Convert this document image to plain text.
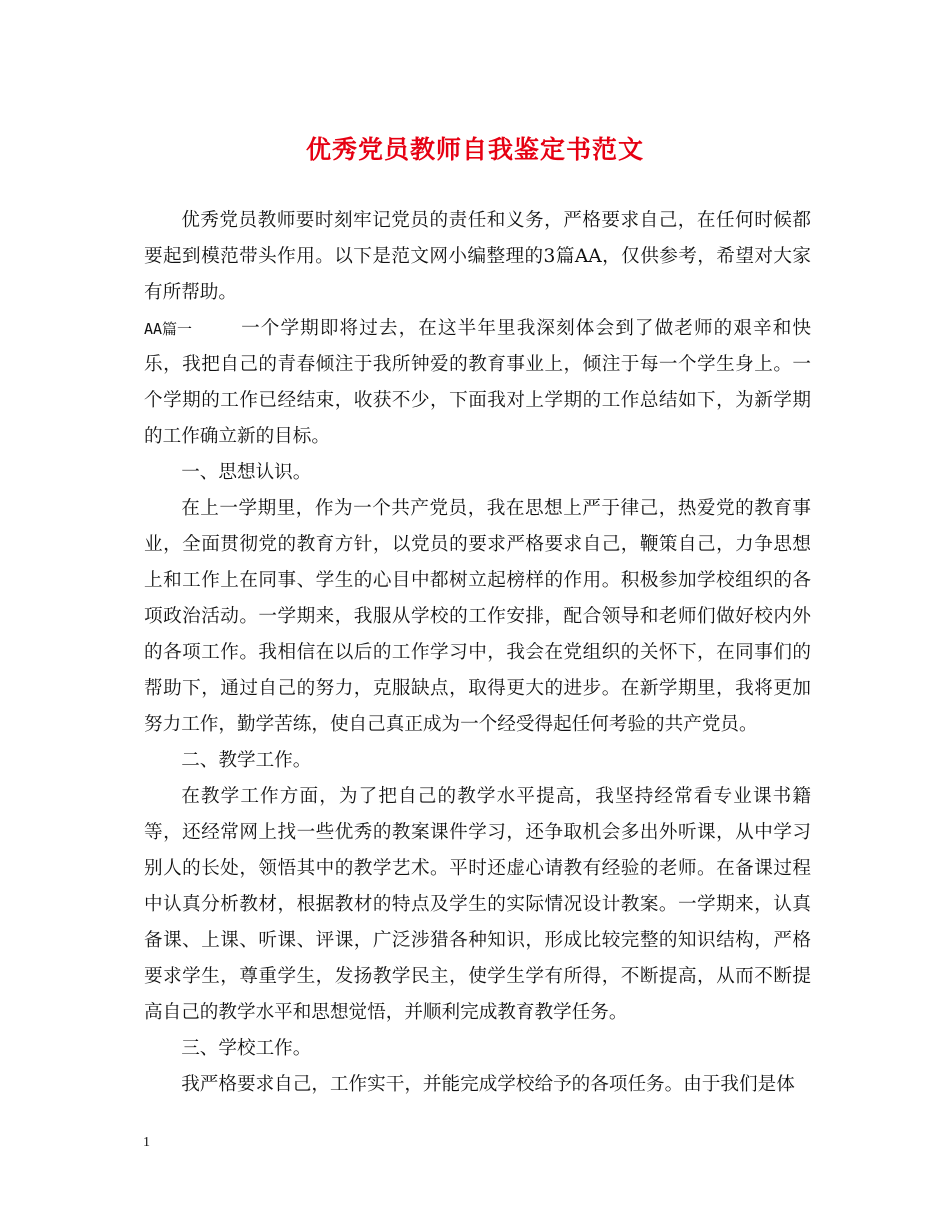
优秀党员教师自我鉴定书范文

优秀党员教师要时刻牢记党员的责任和义务，严格要求自己，在任何时候都要起到模范带头作用。以下是范文网小编整理的3篇AA，仅供参考，希望对大家有所帮助。

AA篇一	一个学期即将过去，在这半年里我深刻体会到了做老师的艰辛和快乐，我把自己的青春倾注于我所钟爱的教育事业上，倾注于每一个学生身上。一个学期的工作已经结束，收获不少，下面我对上学期的工作总结如下，为新学期的工作确立新的目标。

一、思想认识。

在上一学期里，作为一个共产党员，我在思想上严于律己，热爱党的教育事业，全面贯彻党的教育方针，以党员的要求严格要求自己，鞭策自己，力争思想上和工作上在同事、学生的心目中都树立起榜样的作用。积极参加学校组织的各项政治活动。一学期来，我服从学校的工作安排，配合领导和老师们做好校内外的各项工作。我相信在以后的工作学习中，我会在党组织的关怀下，在同事们的帮助下，通过自己的努力，克服缺点，取得更大的进步。在新学期里，我将更加努力工作，勤学苦练，使自己真正成为一个经受得起任何考验的共产党员。

二、教学工作。

在教学工作方面，为了把自己的教学水平提高，我坚持经常看专业课书籍等，还经常网上找一些优秀的教案课件学习，还争取机会多出外听课，从中学习别人的长处，领悟其中的教学艺术。平时还虚心请教有经验的老师。在备课过程中认真分析教材，根据教材的特点及学生的实际情况设计教案。一学期来，认真备课、上课、听课、评课，广泛涉猎各种知识，形成比较完整的知识结构，严格要求学生，尊重学生，发扬教学民主，使学生学有所得，不断提高，从而不断提高自己的教学水平和思想觉悟，并顺利完成教育教学任务。

三、学校工作。

我严格要求自己，工作实干，并能完成学校给予的各项任务。由于我们是体

1
